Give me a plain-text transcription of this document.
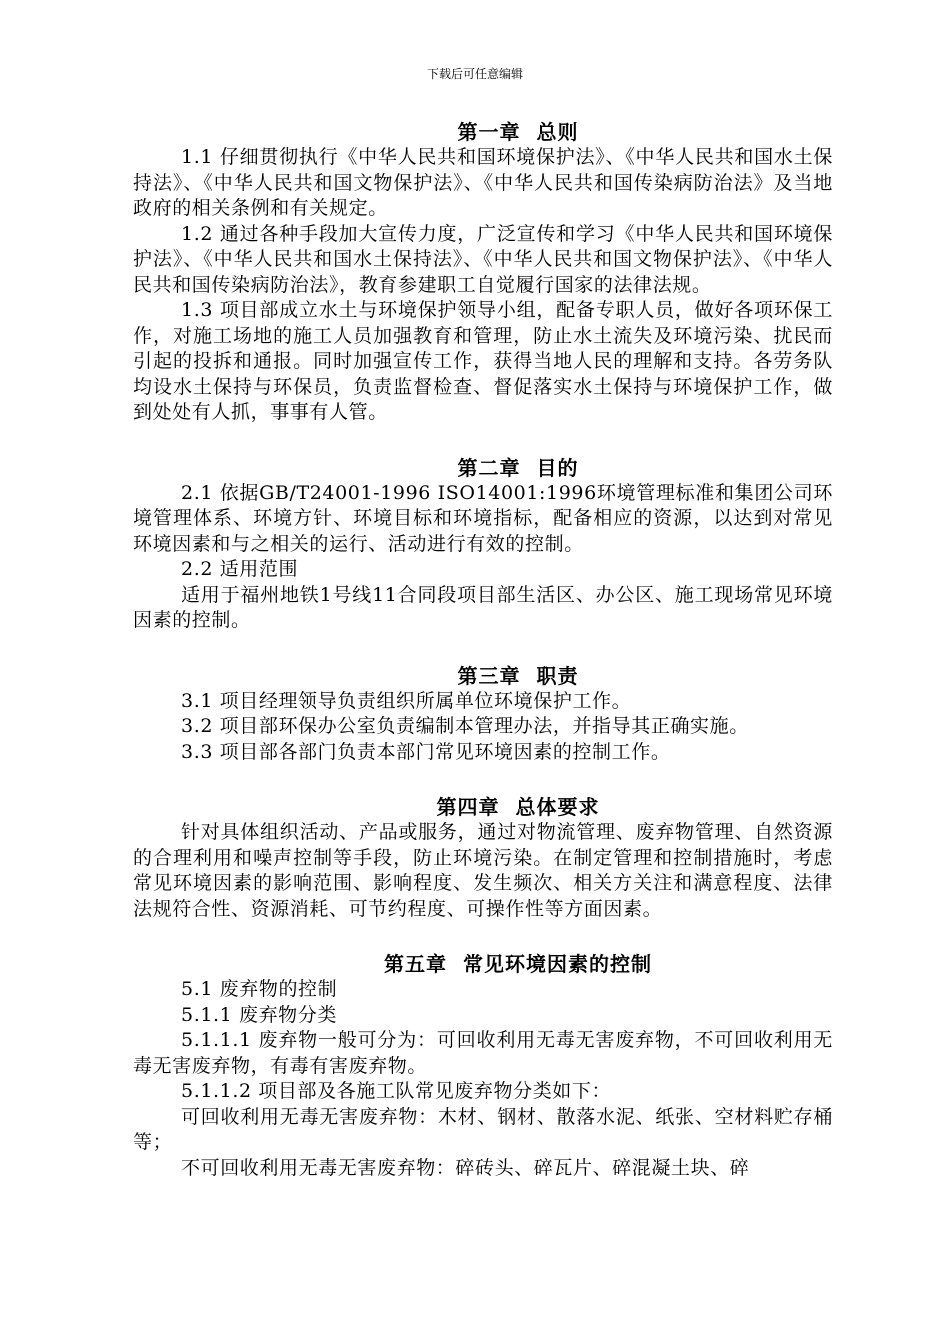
下载后可任意编辑
第一章 总则

1.1 仔细贯彻执行《中华人民共和国环境保护法》、《中华人民共和国水土保持法》、《中华人民共和国文物保护法》、《中华人民共和国传染病防治法》及当地政府的相关条例和有关规定。

1.2 通过各种手段加大宣传力度，广泛宣传和学习《中华人民共和国环境保护法》、《中华人民共和国水土保持法》、《中华人民共和国文物保护法》、《中华人民共和国传染病防治法》，教育参建职工自觉履行国家的法律法规。

1.3 项目部成立水土与环境保护领导小组，配备专职人员，做好各项环保工作，对施工场地的施工人员加强教育和管理，防止水土流失及环境污染、扰民而引起的投拆和通报。同时加强宣传工作，获得当地人民的理解和支持。各劳务队均设水土保持与环保员，负责监督检查、督促落实水土保持与环境保护工作，做到处处有人抓，事事有人管。

第二章 目的

2.1 依据GB/T24001-1996 ISO14001:1996环境管理标准和集团公司环境管理体系、环境方针、环境目标和环境指标，配备相应的资源，以达到对常见环境因素和与之相关的运行、活动进行有效的控制。

2.2 适用范围

适用于福州地铁1号线11合同段项目部生活区、办公区、施工现场常见环境因素的控制。

第三章 职责

3.1 项目经理领导负责组织所属单位环境保护工作。

3.2 项目部环保办公室负责编制本管理办法，并指导其正确实施。

3.3 项目部各部门负责本部门常见环境因素的控制工作。

第四章 总体要求

针对具体组织活动、产品或服务，通过对物流管理、废弃物管理、自然资源的合理利用和噪声控制等手段，防止环境污染。在制定管理和控制措施时，考虑常见环境因素的影响范围、影响程度、发生频次、相关方关注和满意程度、法律法规符合性、资源消耗、可节约程度、可操作性等方面因素。

第五章 常见环境因素的控制

5.1 废弃物的控制

5.1.1 废弃物分类

5.1.1.1 废弃物一般可分为：可回收利用无毒无害废弃物，不可回收利用无毒无害废弃物，有毒有害废弃物。

5.1.1.2 项目部及各施工队常见废弃物分类如下：

可回收利用无毒无害废弃物：木材、钢材、散落水泥、纸张、空材料贮存桶等；

不可回收利用无毒无害废弃物：碎砖头、碎瓦片、碎混凝土块、碎
